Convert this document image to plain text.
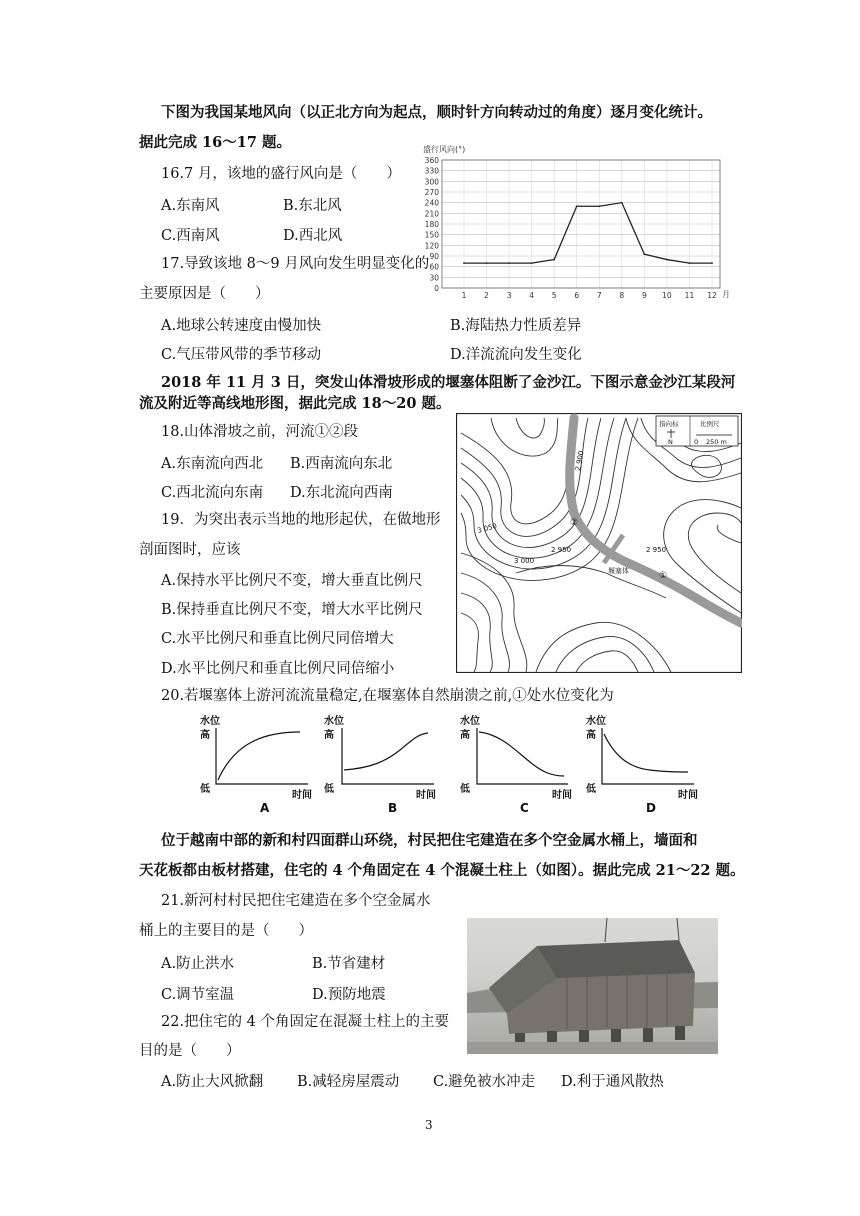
下图为我国某地风向（以正北方向为起点，顺时针方向转动过的角度）逐月变化统计。
据此完成 16～17 题。
16.7 月，该地的盛行风向是（　　）
A.东南风	B.东北风
C.西南风	D.西北风
17.导致该地 8～9 月风向发生明显变化的
主要原因是（　　）
A.地球公转速度由慢加快	B.海陆热力性质差异
C.气压带风带的季节移动	D.洋流流向发生变化
盛行风向(°)
0
30
60
90
120
150
180
210
240
270
300
330
360
1 2 3 4 5 6 7 8 9 10 11 12 月
2018 年 11 月 3 日，突发山体滑坡形成的堰塞体阻断了金沙江。下图示意金沙江某段河
流及附近等高线地形图，据此完成 18～20 题。
18.山体滑坡之前，河流①②段
A.东南流向西北 B.西南流向东北
C.西北流向东南 D.东北流向西南
19．为突出表示当地的地形起伏，在做地形
剖面图时，应该
A.保持水平比例尺不变，增大垂直比例尺
B.保持垂直比例尺不变，增大水平比例尺
C.水平比例尺和垂直比例尺同倍增大
D.水平比例尺和垂直比例尺同倍缩小
指向标
N
比例尺
0 250 m
2 900
3 050
2 950	2 950
3 000
②
①
堰塞体
20.若堰塞体上游河流流量稳定,在堰塞体自然崩溃之前,①处水位变化为
水位
高
低
时间
A
水位
高
低
时间
B
水位
高
低
时间
C
水位
高
低
时间
D
位于越南中部的新和村四面群山环绕，村民把住宅建造在多个空金属水桶上，墙面和
天花板都由板材搭建，住宅的 4 个角固定在 4 个混凝土柱上（如图）。据此完成 21～22 题。
21.新河村村民把住宅建造在多个空金属水
桶上的主要目的是（　　）
A.防止洪水	B.节省建材
C.调节室温	D.预防地震
22.把住宅的 4 个角固定在混凝土柱上的主要
目的是（　　）
A.防止大风掀翻 B.减轻房屋震动 C.避免被水冲走 D.利于通风散热
3
